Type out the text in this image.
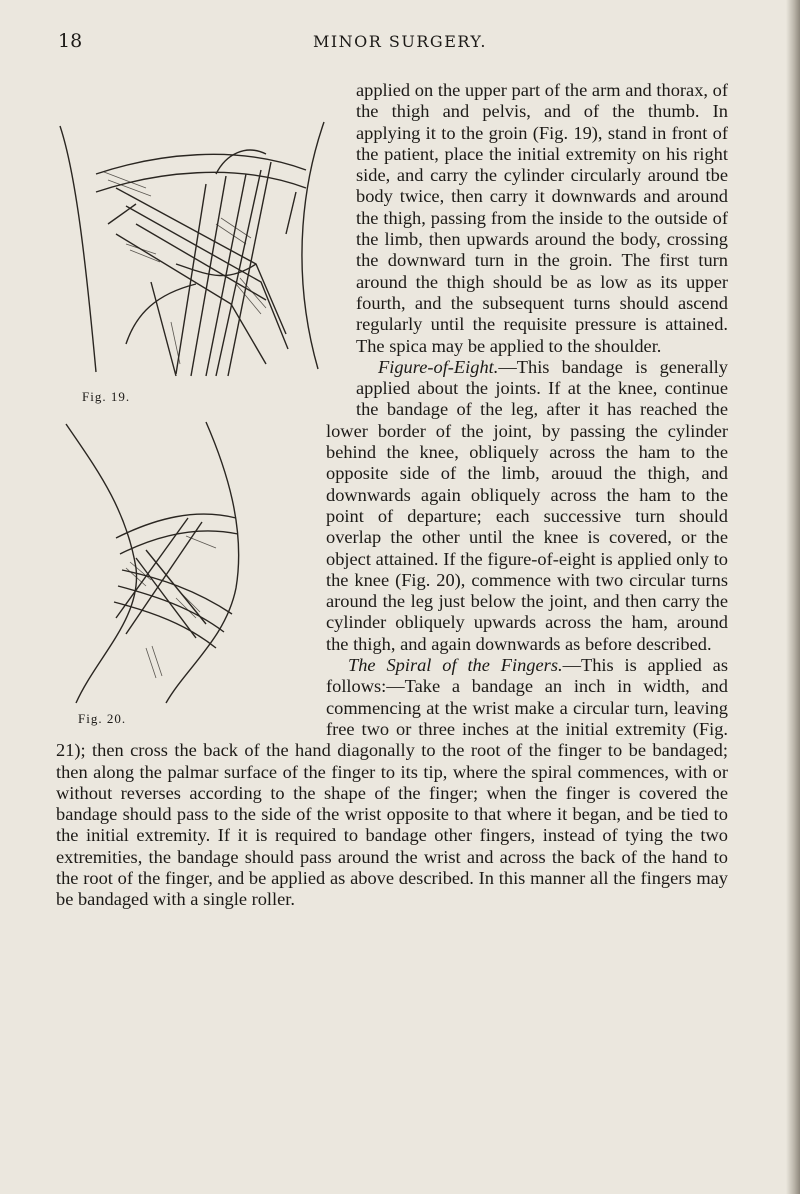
18	MINOR SURGERY.
Fig. 19.

applied on the upper part of the arm and thorax, of the thigh and pelvis, and of the thumb. In applying it to the groin (Fig. 19), stand in front of the patient, place the initial extremity on his right side, and carry the cylinder circularly around tbe body twice, then carry it downwards and around the thigh, passing from the inside to the outside of the limb, then upwards around the body, crossing the downward turn in the groin. The first turn around the thigh should be as low as its upper fourth, and the subsequent turns should ascend regularly until the requisite pressure is attained. The spica may be applied to the shoulder.

Fig. 20.

Figure-of-Eight.—This bandage is generally applied about the joints. If at the knee, continue the bandage of the leg, after it has reached the lower border of the joint, by passing the cylinder behind the knee, obliquely across the ham to the opposite side of the limb, arouud the thigh, and downwards again obliquely across the ham to the point of departure; each successive turn should overlap the other until the knee is covered, or the object attained. If the figure-of-eight is applied only to the knee (Fig. 20), commence with two circular turns around the leg just below the joint, and then carry the cylinder obliquely upwards across the ham, around the thigh, and again downwards as before described.

The Spiral of the Fingers.—This is applied as follows:—Take a bandage an inch in width, and commencing at the wrist make a circular turn, leaving free two or three inches at the initial extremity (Fig. 21); then cross the back of the hand diagonally to the root of the finger to be bandaged; then along the palmar surface of the finger to its tip, where the spiral commences, with or without reverses according to the shape of the finger; when the finger is covered the bandage should pass to the side of the wrist opposite to that where it began, and be tied to the initial extremity. If it is required to bandage other fingers, instead of tying the two extremities, the bandage should pass around the wrist and across the back of the hand to the root of the finger, and be applied as above described. In this manner all the fingers may be bandaged with a single roller.
